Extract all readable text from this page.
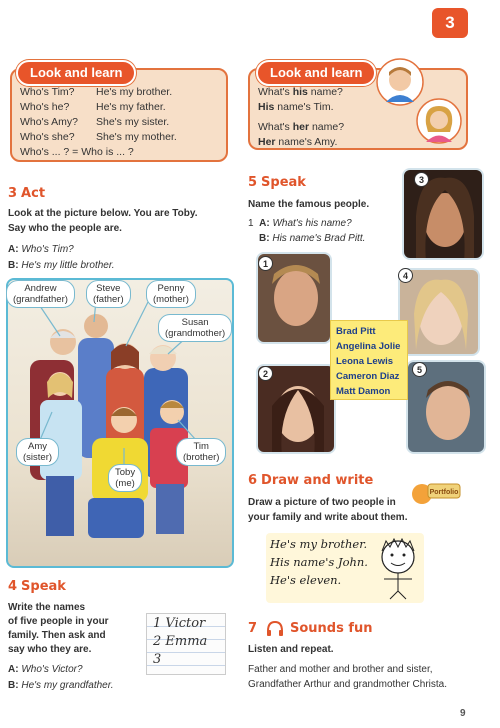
3
Look and learn
Who's Tim? He's my brother.
Who's he?	He's my father.
Who's Amy? She's my sister.
Who's she? She's my mother.
Who's ... ? = Who is ... ?
Look and learn
What's his name?
His name's Tim.
What's her name?
Her name's Amy.
3 Act
Look at the picture below. You are Toby.
Say who the people are.
A: Who's Tim?
B: He's my little brother.
Andrew
(grandfather)
Steve
(father)
Penny
(mother)
Susan
(grandmother)
Amy
(sister)
Tim
(brother)
Toby
(me)
4 Speak
Write the names
of five people in your
family. Then ask and
say who they are.
A: Who's Victor?
B: He's my grandfather.
1 Victor
2 Emma
3
5 Speak
Name the famous people.
1 A: What's his name?
B: His name's Brad Pitt.
1
2
3
4
5
Brad Pitt
Angelina Jolie
Leona Lewis
Cameron Diaz
Matt Damon
6 Draw and write
Draw a picture of two people in
your family and write about them.
Portfolio
He's my brother.
His name's John.
He's eleven.
7	Sounds fun
Listen and repeat.
Father and mother and brother and sister,
Grandfather Arthur and grandmother Christa.
9
